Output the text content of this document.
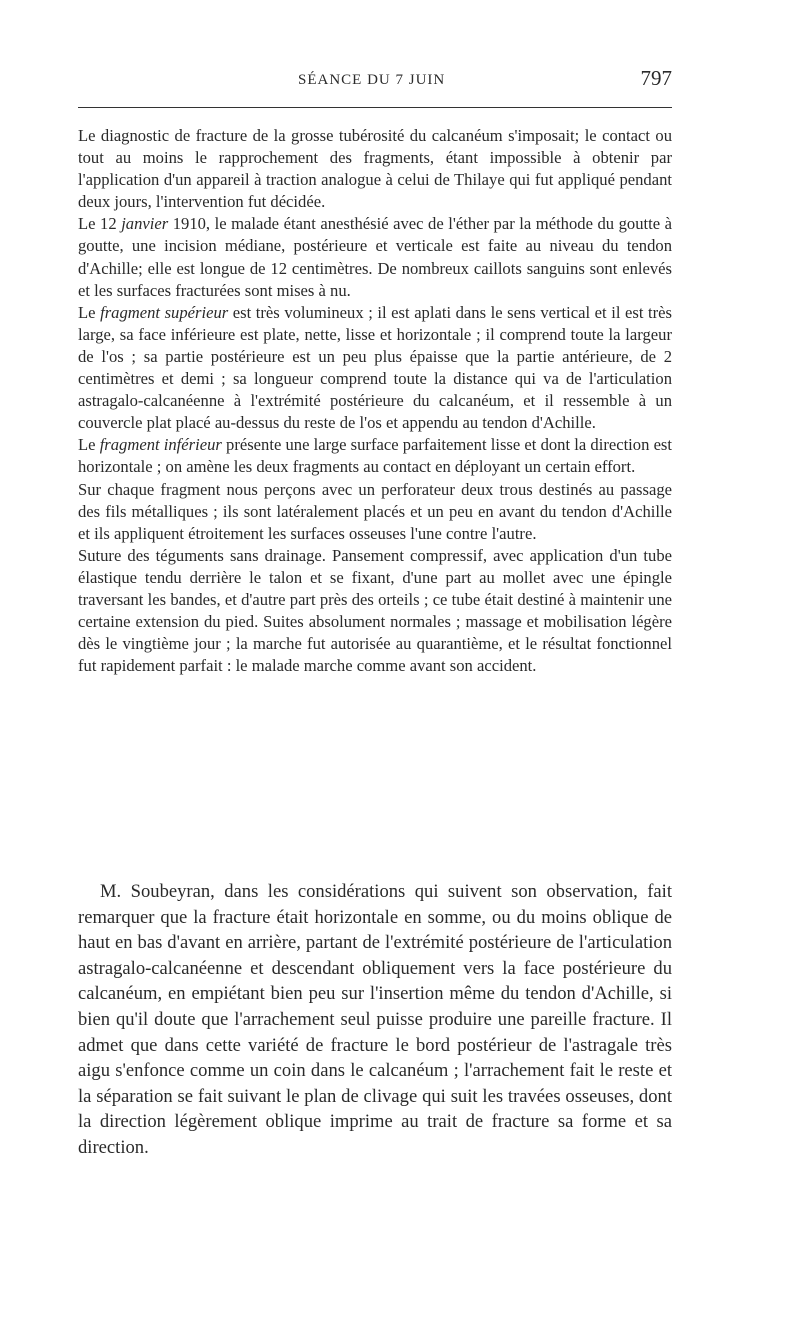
SÉANCE DU 7 JUIN	797

Le diagnostic de fracture de la grosse tubérosité du calcanéum s'imposait; le contact ou tout au moins le rapprochement des fragments, étant impossible à obtenir par l'application d'un appareil à traction analogue à celui de Thilaye qui fut appliqué pendant deux jours, l'intervention fut décidée.

Le 12 janvier 1910, le malade étant anesthésié avec de l'éther par la méthode du goutte à goutte, une incision médiane, postérieure et verticale est faite au niveau du tendon d'Achille; elle est longue de 12 centimètres. De nombreux caillots sanguins sont enlevés et les surfaces fracturées sont mises à nu.

Le fragment supérieur est très volumineux ; il est aplati dans le sens vertical et il est très large, sa face inférieure est plate, nette, lisse et horizontale ; il comprend toute la largeur de l'os ; sa partie postérieure est un peu plus épaisse que la partie antérieure, de 2 centimètres et demi ; sa longueur comprend toute la distance qui va de l'articulation astragalo-calcanéenne à l'extrémité postérieure du calcanéum, et il ressemble à un couvercle plat placé au-dessus du reste de l'os et appendu au tendon d'Achille.

Le fragment inférieur présente une large surface parfaitement lisse et dont la direction est horizontale ; on amène les deux fragments au contact en déployant un certain effort.

Sur chaque fragment nous perçons avec un perforateur deux trous destinés au passage des fils métalliques ; ils sont latéralement placés et un peu en avant du tendon d'Achille et ils appliquent étroitement les surfaces osseuses l'une contre l'autre.

Suture des téguments sans drainage. Pansement compressif, avec application d'un tube élastique tendu derrière le talon et se fixant, d'une part au mollet avec une épingle traversant les bandes, et d'autre part près des orteils ; ce tube était destiné à maintenir une certaine extension du pied. Suites absolument normales ; massage et mobilisation légère dès le vingtième jour ; la marche fut autorisée au quarantième, et le résultat fonctionnel fut rapidement parfait : le malade marche comme avant son accident.

M. Soubeyran, dans les considérations qui suivent son observation, fait remarquer que la fracture était horizontale en somme, ou du moins oblique de haut en bas d'avant en arrière, partant de l'extrémité postérieure de l'articulation astragalo-calcanéenne et descendant obliquement vers la face postérieure du calcanéum, en empiétant bien peu sur l'insertion même du tendon d'Achille, si bien qu'il doute que l'arrachement seul puisse produire une pareille fracture. Il admet que dans cette variété de fracture le bord postérieur de l'astragale très aigu s'enfonce comme un coin dans le calcanéum ; l'arrachement fait le reste et la séparation se fait suivant le plan de clivage qui suit les travées osseuses, dont la direction légèrement oblique imprime au trait de fracture sa forme et sa direction.
